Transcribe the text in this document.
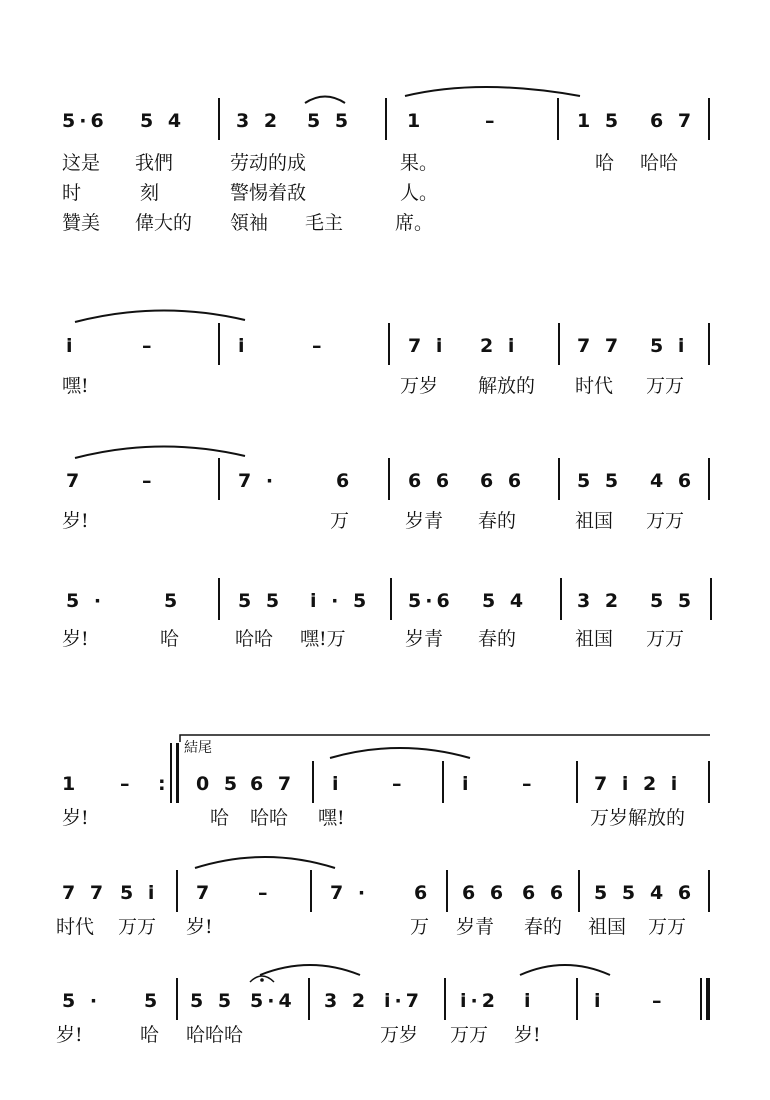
5·6 5 4	3 2 5 5	1	–	1 5 6 7
这是 我們	劳动的成	果。	哈 哈哈
时	刻	警惕着敌	人。
贊美 偉大的 領袖 毛主	席。
i	–	i	–	7 i 2 i	7 7 5 i
嘿!	万岁 解放的 时代 万万
7	–	7 ·	6	6 6 6 6	5 5 4 6
岁!	万	岁青 春的	祖国 万万
5 ·	5	5 5 i · 5 5·6 5 4	3 2 5 5
岁!	哈	哈哈 嘿!万	岁青 春的	祖国 万万
結尾
1 – : 0 5 6 7 i	–	i	–	7 i 2 i
岁!	哈 哈哈 嘿!	万岁解放的
7 7 5 i 7 –	7 · 6 6 6 6 6 5 5 4 6
时代 万万 岁!	万 岁青 春的 祖国 万万
5 · 5 5 5 5·4 3 2 i·7 i·2 i	i –
岁!	哈 哈哈哈	万岁 万万 岁!
